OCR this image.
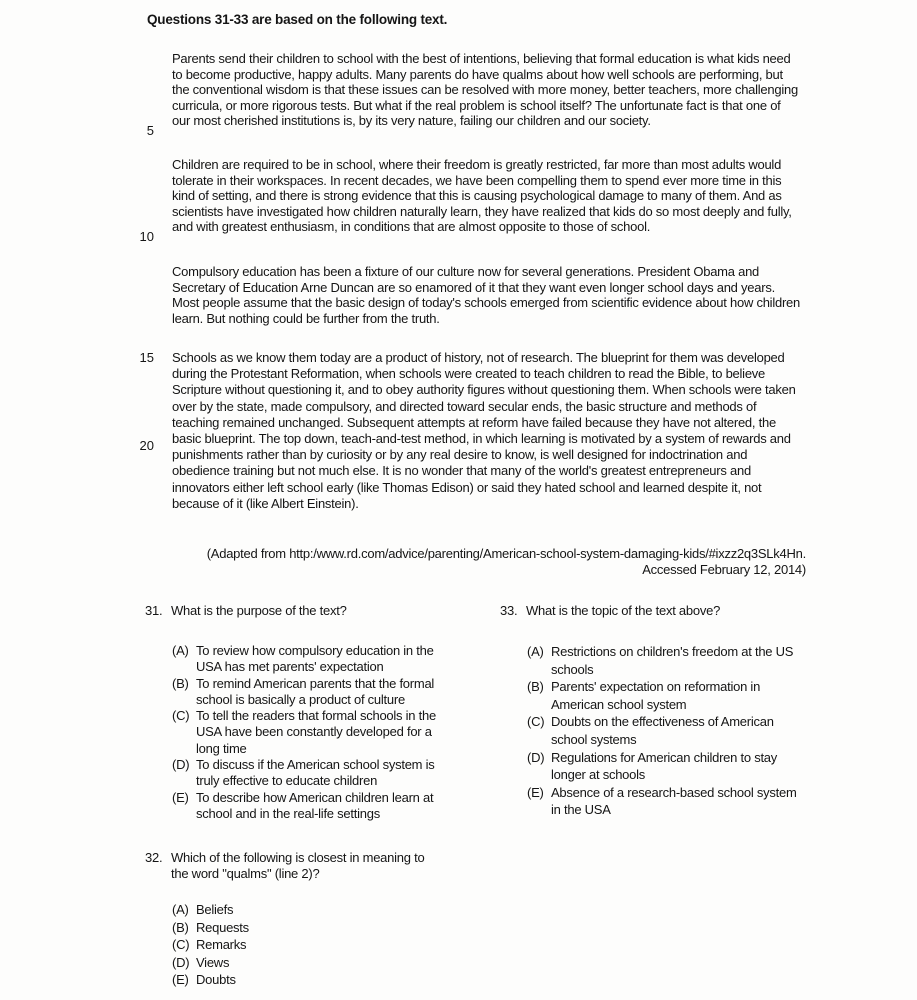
Questions 31-33 are based on the following text.
Parents send their children to school with the best of intentions, believing that formal education is what kids need
to become productive, happy adults. Many parents do have qualms about how well schools are performing, but
the conventional wisdom is that these issues can be resolved with more money, better teachers, more challenging
curricula, or more rigorous tests. But what if the real problem is school itself? The unfortunate fact is that one of
our most cherished institutions is, by its very nature, failing our children and our society.
5
Children are required to be in school, where their freedom is greatly restricted, far more than most adults would
tolerate in their workspaces. In recent decades, we have been compelling them to spend ever more time in this
kind of setting, and there is strong evidence that this is causing psychological damage to many of them. And as
scientists have investigated how children naturally learn, they have realized that kids do so most deeply and fully,
and with greatest enthusiasm, in conditions that are almost opposite to those of school.
10
Compulsory education has been a fixture of our culture now for several generations. President Obama and
Secretary of Education Arne Duncan are so enamored of it that they want even longer school days and years.
Most people assume that the basic design of today's schools emerged from scientific evidence about how children
learn. But nothing could be further from the truth.
Schools as we know them today are a product of history, not of research. The blueprint for them was developed
during the Protestant Reformation, when schools were created to teach children to read the Bible, to believe
Scripture without questioning it, and to obey authority figures without questioning them. When schools were taken
over by the state, made compulsory, and directed toward secular ends, the basic structure and methods of
teaching remained unchanged. Subsequent attempts at reform have failed because they have not altered, the
basic blueprint. The top down, teach-and-test method, in which learning is motivated by a system of rewards and
punishments rather than by curiosity or by any real desire to know, is well designed for indoctrination and
obedience training but not much else. It is no wonder that many of the world's greatest entrepreneurs and
innovators either left school early (like Thomas Edison) or said they hated school and learned despite it, not
because of it (like Albert Einstein).
15
20
(Adapted from http:/www.rd.com/advice/parenting/American-school-system-damaging-kids/#ixzz2q3SLk4Hn.
Accessed February 12, 2014)
31. What is the purpose of the text?
(A) To review how compulsory education in the
USA has met parents' expectation
(B) To remind American parents that the formal
school is basically a product of culture
(C) To tell the readers that formal schools in the
USA have been constantly developed for a
long time
(D) To discuss if the American school system is
truly effective to educate children
(E) To describe how American children learn at
school and in the real-life settings
32. Which of the following is closest in meaning to
the word "qualms" (line 2)?
(A) Beliefs
(B) Requests
(C) Remarks
(D) Views
(E) Doubts
33. What is the topic of the text above?
(A) Restrictions on children's freedom at the US
schools
(B) Parents' expectation on reformation in
American school system
(C) Doubts on the effectiveness of American
school systems
(D) Regulations for American children to stay
longer at schools
(E) Absence of a research-based school system
in the USA
